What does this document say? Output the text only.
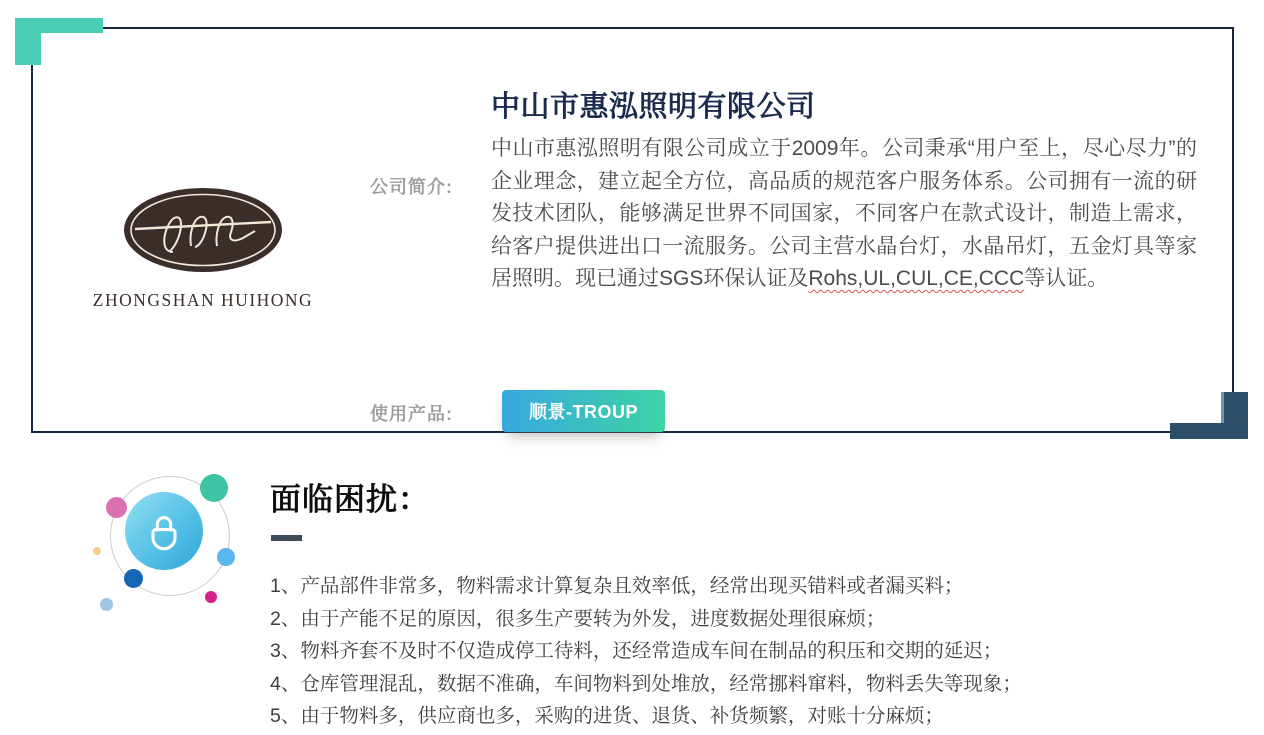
ZHONGSHAN HUIHONG
中山市惠泓照明有限公司
公司简介:
中山市惠泓照明有限公司成立于2009年。公司秉承“用户至上，尽心尽力”的企业理念，建立起全方位，高品质的规范客户服务体系。公司拥有一流的研发技术团队，能够满足世界不同国家，不同客户在款式设计，制造上需求，给客户提供进出口一流服务。公司主营水晶台灯，水晶吊灯，五金灯具等家居照明。现已通过SGS环保认证及Rohs,UL,CUL,CE,CCC等认证。
使用产品:	顺景-TROUP
面临困扰：
1、产品部件非常多，物料需求计算复杂且效率低，经常出现买错料或者漏买料；
2、由于产能不足的原因，很多生产要转为外发，进度数据处理很麻烦；
3、物料齐套不及时不仅造成停工待料，还经常造成车间在制品的积压和交期的延迟；
4、仓库管理混乱，数据不准确，车间物料到处堆放，经常挪料窜料，物料丢失等现象；
5、由于物料多，供应商也多，采购的进货、退货、补货频繁，对账十分麻烦；
